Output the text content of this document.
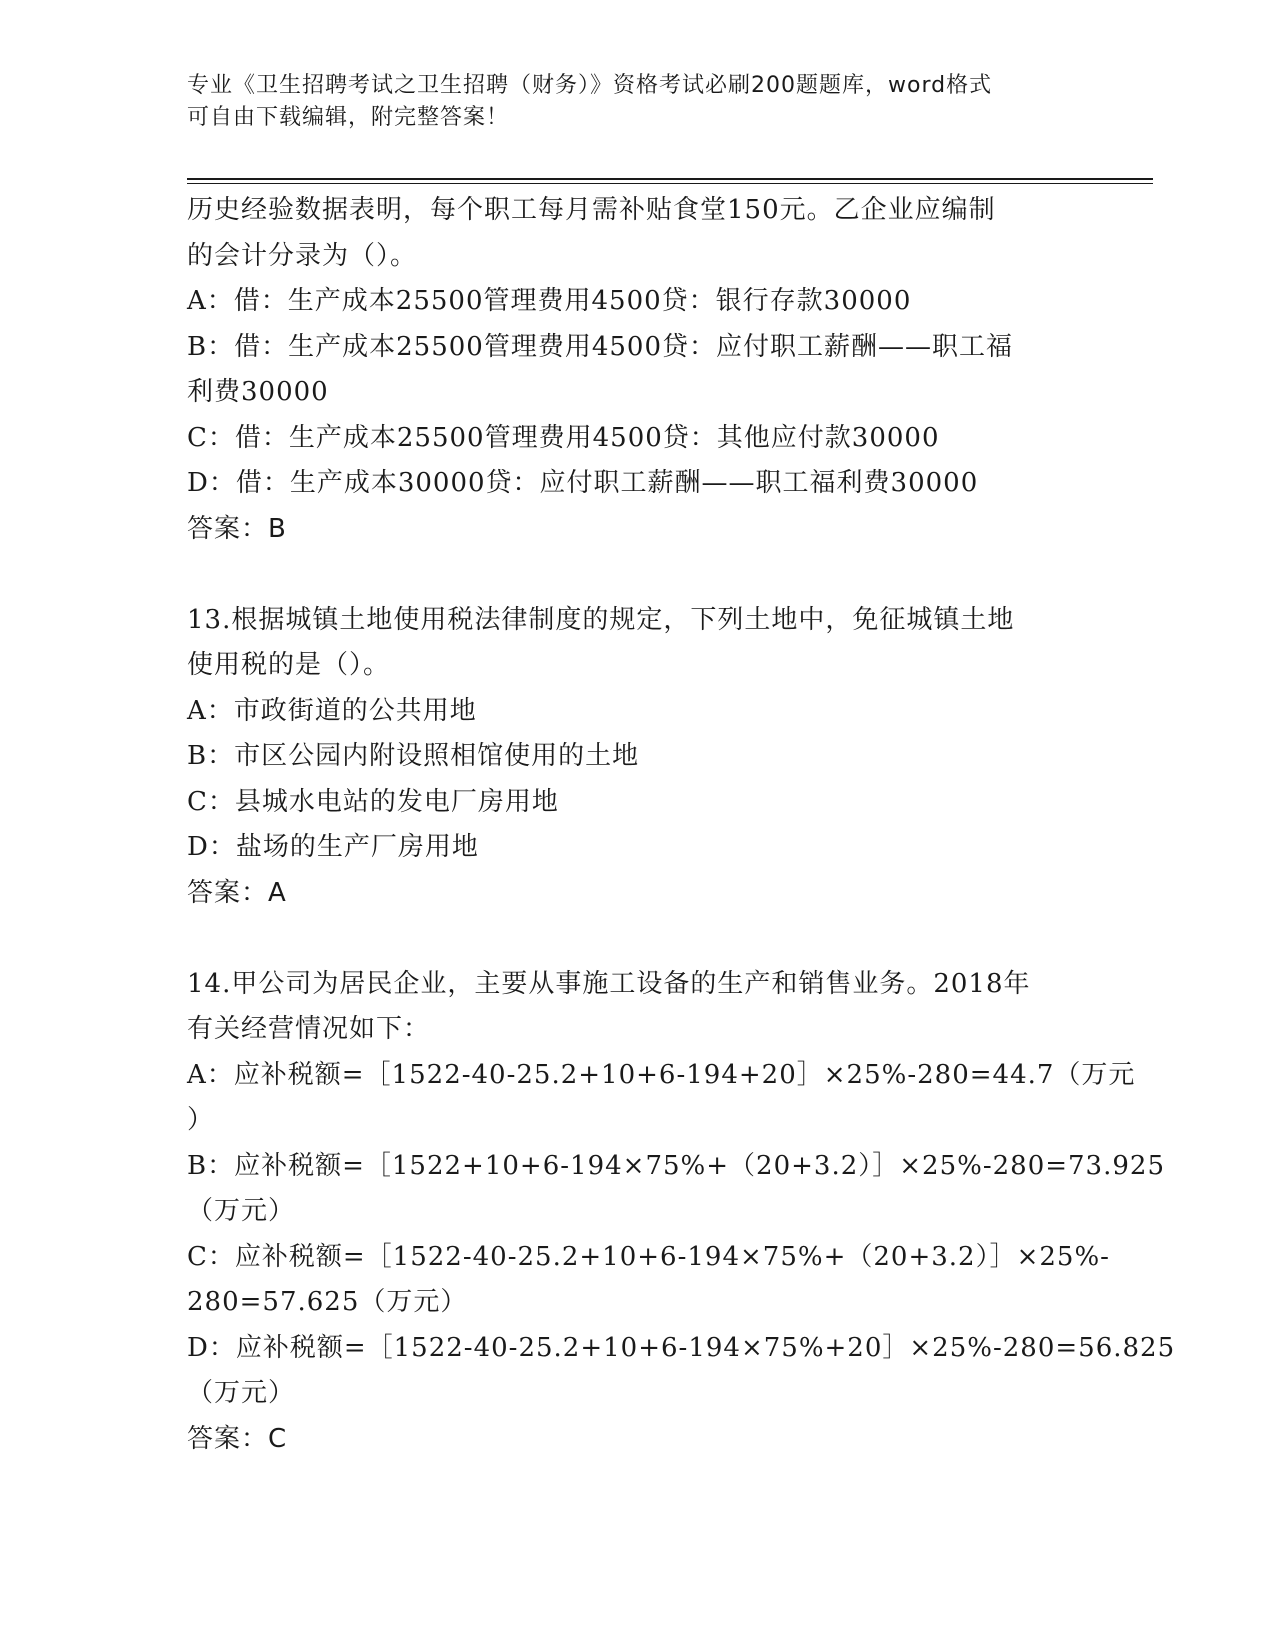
专业《卫生招聘考试之卫生招聘（财务）》资格考试必刷200题题库，word格式
可自由下载编辑，附完整答案！
历史经验数据表明，每个职工每月需补贴食堂150元。乙企业应编制
的会计分录为（）。
A：借：生产成本25500管理费用4500贷：银行存款30000
B：借：生产成本25500管理费用4500贷：应付职工薪酬——职工福
利费30000
C：借：生产成本25500管理费用4500贷：其他应付款30000
D：借：生产成本30000贷：应付职工薪酬——职工福利费30000
答案：B
13.根据城镇土地使用税法律制度的规定，下列土地中，免征城镇土地
使用税的是（）。
A：市政街道的公共用地
B：市区公园内附设照相馆使用的土地
C：县城水电站的发电厂房用地
D：盐场的生产厂房用地
答案：A
14.甲公司为居民企业，主要从事施工设备的生产和销售业务。2018年
有关经营情况如下：
A：应补税额=［1522-40-25.2+10+6-194+20］×25%-280=44.7（万元
）
B：应补税额=［1522+10+6-194×75%+（20+3.2）］×25%-280=73.925
（万元）
C：应补税额=［1522-40-25.2+10+6-194×75%+（20+3.2）］×25%-
280=57.625（万元）
D：应补税额=［1522-40-25.2+10+6-194×75%+20］×25%-280=56.825
（万元）
答案：C
